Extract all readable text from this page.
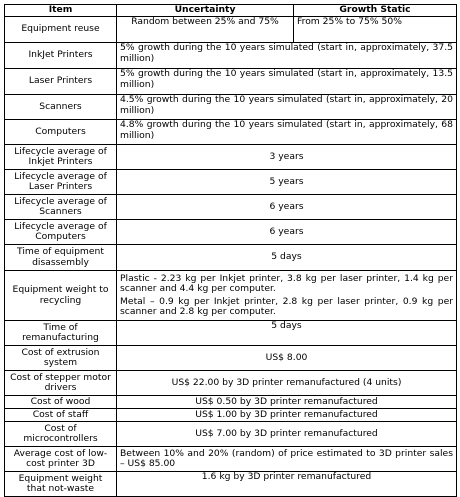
Item	Uncertainty	Growth Static
Equipment reuse	Random between 25% and 75%	From 25% to 75% 50%
InkJet Printers	5% growth during the 10 years simulated (start in, approximately, 37.5 million)	
Laser Printers	5% growth during the 10 years simulated (start in, approximately, 13.5 million)	
Scanners	4.5% growth during the 10 years simulated (start in, approximately, 20 million)	
Computers	4.8% growth during the 10 years simulated (start in, approximately, 68 million)	
Lifecycle average of Inkjet Printers	3 years	
Lifecycle average of Laser Printers	5 years	
Lifecycle average of Scanners	6 years	
Lifecycle average of Computers	6 years	
Time of equipment disassembly	5 days	
Equipment weight to recycling	Plastic - 2.23 kg per Inkjet printer, 3.8 kg per laser printer, 1.4 kg per scanner and 4.4 kg per computer.
Metal – 0.9 kg per Inkjet printer, 2.8 kg per laser printer, 0.9 kg per scanner and 2.8 kg per computer.	

Time of remanufacturing	5 days	
Cost of extrusion system	US$ 8.00	
Cost of stepper motor drivers	US$ 22.00 by 3D printer remanufactured (4 units)	
Cost of wood	US$ 0.50 by 3D printer remanufactured	
Cost of staff	US$ 1.00 by 3D printer remanufactured	
Cost of microcontrollers	US$ 7.00 by 3D printer remanufactured	
Average cost of low-cost printer 3D	Between 10% and 20% (random) of price estimated to 3D printer sales – US$ 85.00	
Equipment weight that not-waste	1.6 kg by 3D printer remanufactured	
